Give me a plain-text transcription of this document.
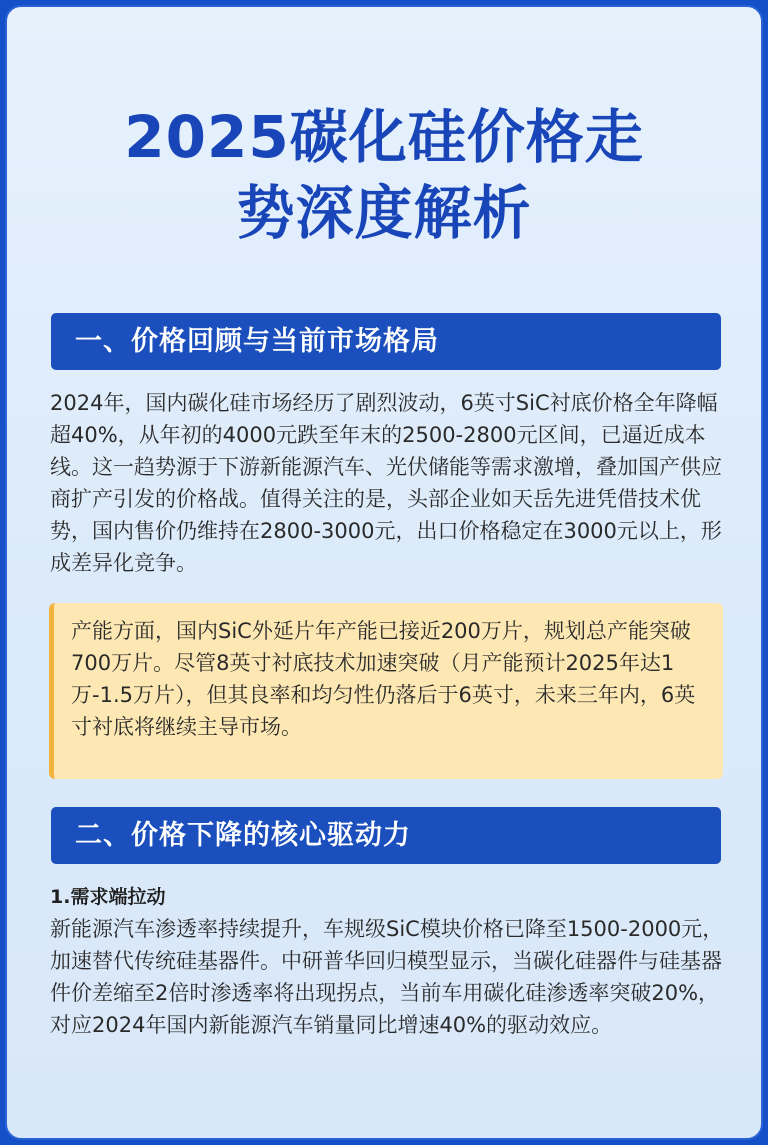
2025碳化硅价格走
势深度解析
一、价格回顾与当前市场格局

2024年，国内碳化硅市场经历了剧烈波动，6英寸SiC衬底价格全年降幅超40%，从年初的4000元跌至年末的2500-2800元区间，已逼近成本线。这一趋势源于下游新能源汽车、光伏储能等需求激增，叠加国产供应商扩产引发的价格战。值得关注的是，头部企业如天岳先进凭借技术优势，国内售价仍维持在2800-3000元，出口价格稳定在3000元以上，形成差异化竞争。

产能方面，国内SiC外延片年产能已接近200万片，规划总产能突破700万片。尽管8英寸衬底技术加速突破（月产能预计2025年达1万-1.5万片），但其良率和均匀性仍落后于6英寸，未来三年内，6英寸衬底将继续主导市场。
二、价格下降的核心驱动力
1.需求端拉动

新能源汽车渗透率持续提升，车规级SiC模块价格已降至1500-2000元，加速替代传统硅基器件。中研普华回归模型显示，当碳化硅器件与硅基器件价差缩至2倍时渗透率将出现拐点，当前车用碳化硅渗透率突破20%，对应2024年国内新能源汽车销量同比增速40%的驱动效应。
